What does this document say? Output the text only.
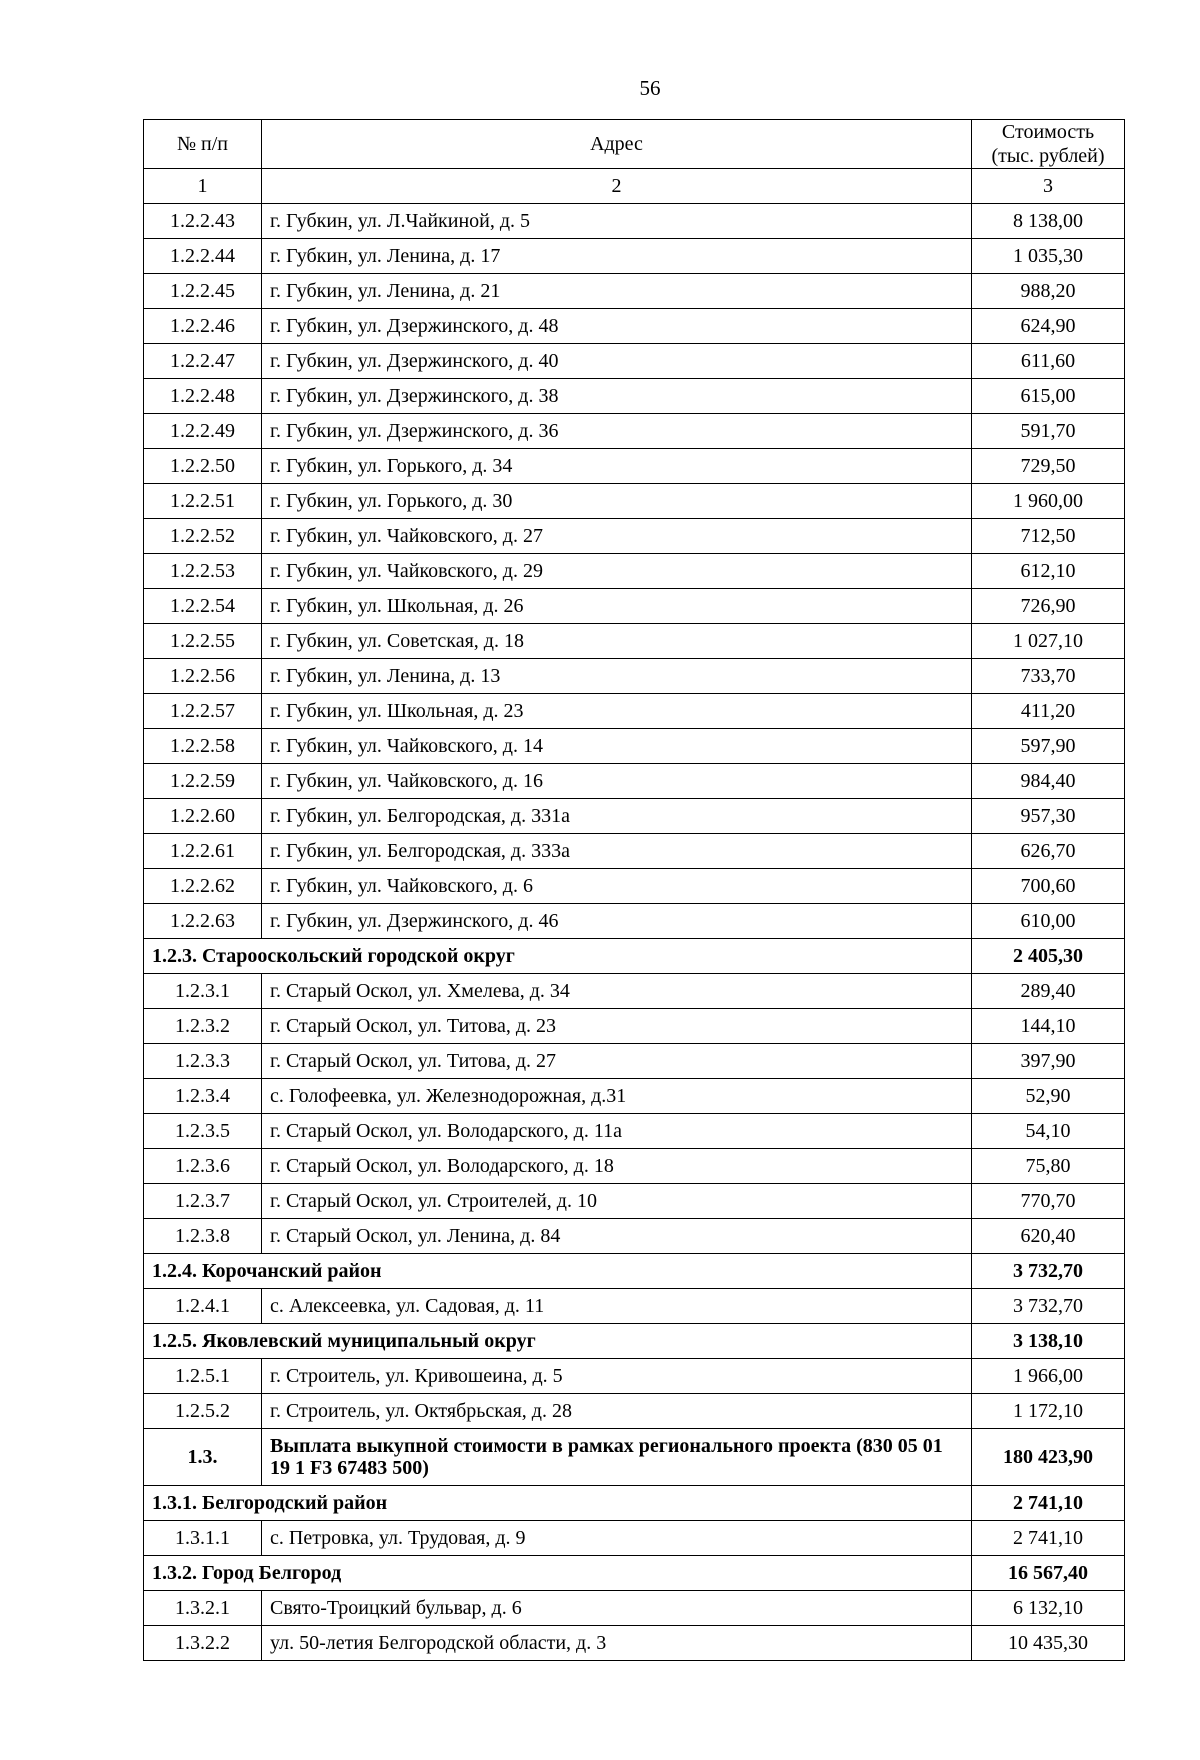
56
№ п/п	Адрес	Стоимость (тыс. рублей)
1	2	3
1.2.2.43	г. Губкин, ул. Л.Чайкиной, д. 5	8 138,00
1.2.2.44	г. Губкин, ул. Ленина, д. 17	1 035,30
1.2.2.45	г. Губкин, ул. Ленина, д. 21	988,20
1.2.2.46	г. Губкин, ул. Дзержинского, д. 48	624,90
1.2.2.47	г. Губкин, ул. Дзержинского, д. 40	611,60
1.2.2.48	г. Губкин, ул. Дзержинского, д. 38	615,00
1.2.2.49	г. Губкин, ул. Дзержинского, д. 36	591,70
1.2.2.50	г. Губкин, ул. Горького, д. 34	729,50
1.2.2.51	г. Губкин, ул. Горького, д. 30	1 960,00
1.2.2.52	г. Губкин, ул. Чайковского, д. 27	712,50
1.2.2.53	г. Губкин, ул. Чайковского, д. 29	612,10
1.2.2.54	г. Губкин, ул. Школьная, д. 26	726,90
1.2.2.55	г. Губкин, ул. Советская, д. 18	1 027,10
1.2.2.56	г. Губкин, ул. Ленина, д. 13	733,70
1.2.2.57	г. Губкин, ул. Школьная, д. 23	411,20
1.2.2.58	г. Губкин, ул. Чайковского, д. 14	597,90
1.2.2.59	г. Губкин, ул. Чайковского, д. 16	984,40
1.2.2.60	г. Губкин, ул. Белгородская, д. 331а	957,30
1.2.2.61	г. Губкин, ул. Белгородская, д. 333а	626,70
1.2.2.62	г. Губкин, ул. Чайковского, д. 6	700,60
1.2.2.63	г. Губкин, ул. Дзержинского, д. 46	610,00
1.2.3. Старооскольский городской округ		2 405,30
1.2.3.1	г. Старый Оскол, ул. Хмелева, д. 34	289,40
1.2.3.2	г. Старый Оскол, ул. Титова, д. 23	144,10
1.2.3.3	г. Старый Оскол, ул. Титова, д. 27	397,90
1.2.3.4	с. Голофеевка, ул. Железнодорожная, д.31	52,90
1.2.3.5	г. Старый Оскол, ул. Володарского, д. 11а	54,10
1.2.3.6	г. Старый Оскол, ул. Володарского, д. 18	75,80
1.2.3.7	г. Старый Оскол, ул. Строителей, д. 10	770,70
1.2.3.8	г. Старый Оскол, ул. Ленина, д. 84	620,40
1.2.4. Корочанский район		3 732,70
1.2.4.1	с. Алексеевка, ул. Садовая, д. 11	3 732,70
1.2.5. Яковлевский муниципальный округ		3 138,10
1.2.5.1	г. Строитель, ул. Кривошеина, д. 5	1 966,00
1.2.5.2	г. Строитель, ул. Октябрьская, д. 28	1 172,10
1.3.	Выплата выкупной стоимости в рамках регионального проекта (830 05 01 19 1 F3 67483 500)	180 423,90
1.3.1. Белгородский район		2 741,10
1.3.1.1	с. Петровка, ул. Трудовая, д. 9	2 741,10
1.3.2. Город Белгород		16 567,40
1.3.2.1	Свято-Троицкий бульвар, д. 6	6 132,10
1.3.2.2	ул. 50-летия Белгородской области, д. 3	10 435,30
